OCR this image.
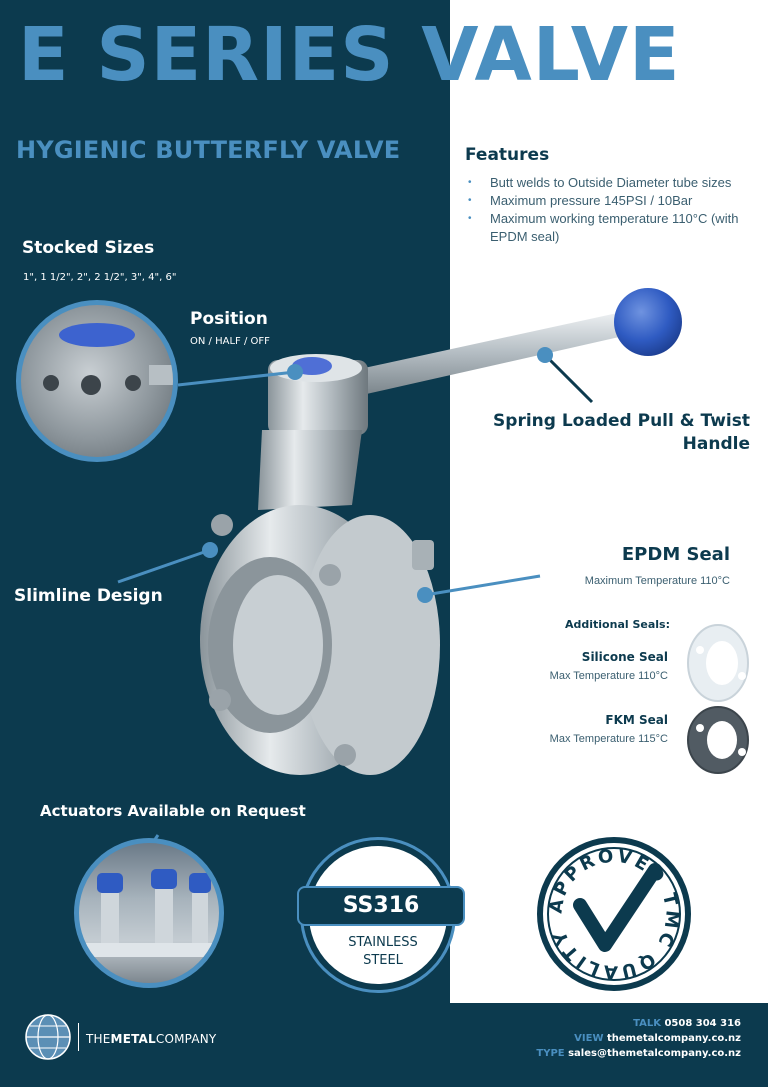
E SERIES VALVE
HYGIENIC BUTTERFLY VALVE	Features
• Butt welds to Outside Diameter tube sizes
• Maximum pressure 145PSI / 10Bar
• Maximum working temperature 110°C (with EPDM seal)
Stocked Sizes
1", 1 1/2", 2", 2 1/2", 3", 4", 6"
Position
ON / HALF / OFF
Spring Loaded Pull & Twist
Handle
Slimline Design
EPDM Seal
Maximum Temperature 110°C
Additional Seals:
Silicone Seal
Max Temperature 110°C
FKM Seal
Max Temperature 115°C
Actuators Available on Request
SS316
STAINLESS
STEEL
APPROVED TMC QUALITY
THEMETALCOMPANY
TALK 0508 304 316
VIEW themetalcompany.co.nz
TYPE sales@themetalcompany.co.nz
